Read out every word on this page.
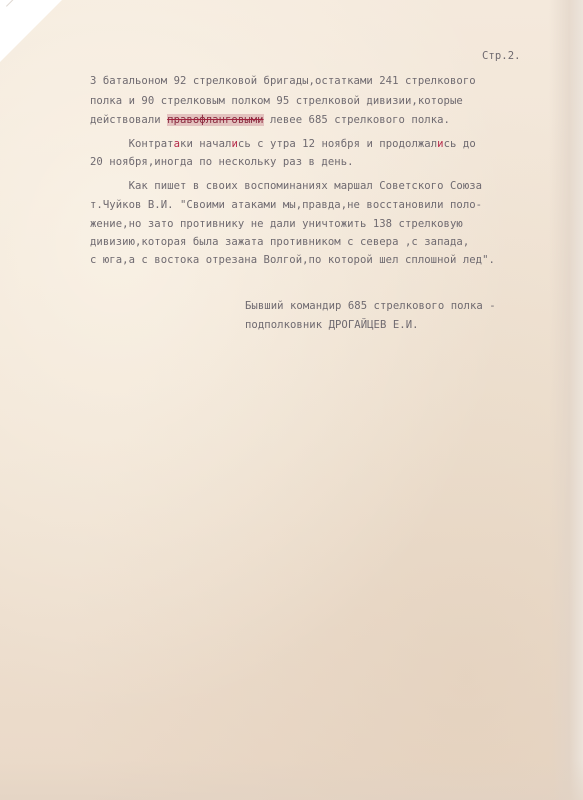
Стр.2.
3 батальоном 92 стрелковой бригады,остатками 241 стрелкового
полка и 90 стрелковым полком 95 стрелковой дивизии,которые
действовали правофланговыми левее 685 стрелкового полка.
Контратаки начались с утра 12 ноября и продолжались до
20 ноября,иногда по нескольку раз в день.
Как пишет в своих воспоминаниях маршал Советского Союза
т.Чуйков В.И. "Своими атаками мы,правда,не восстановили поло-
жение,но зато противнику не дали уничтожить 138 стрелковую
дивизию,которая была зажата противником с севера ,с запада,
с юга,а с востока отрезана Волгой,по которой шел сплошной лед".
Бывший командир 685 стрелкового полка -
подполковник ДРОГАЙЦЕВ Е.И.
